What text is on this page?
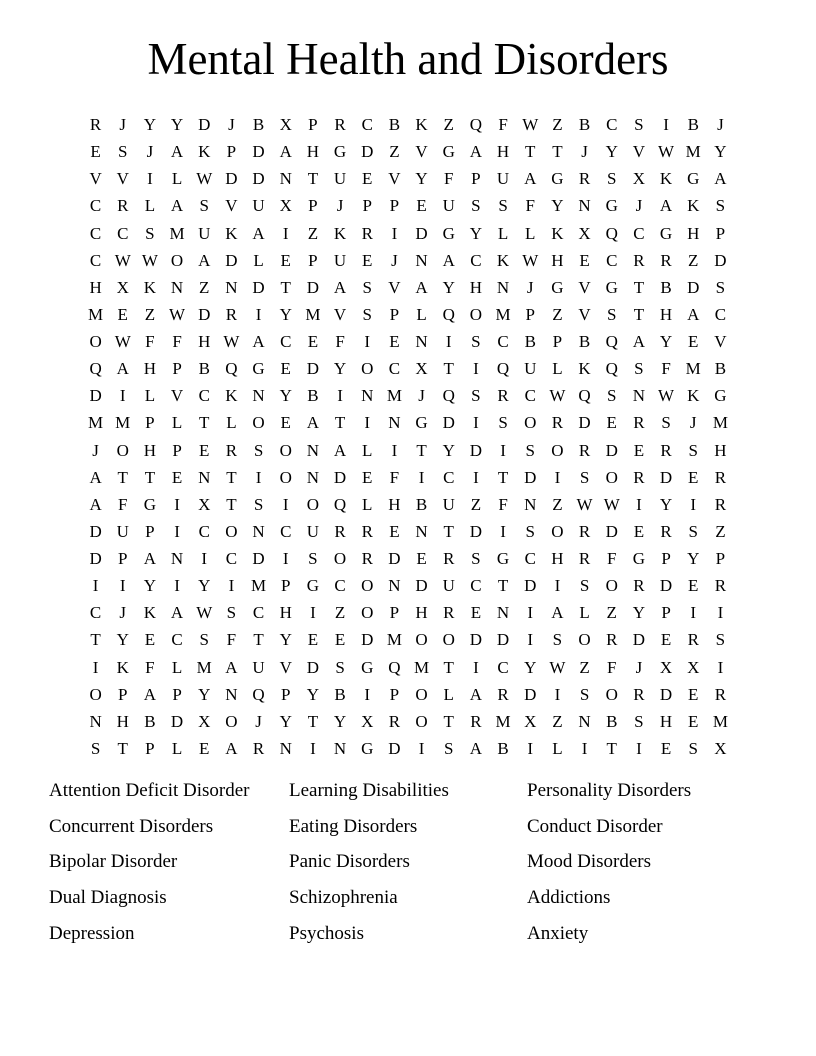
Mental Health and Disorders
R	J	Y Y D	J	B X P R C B K Z Q F W Z B C S	I	B	J
E	S	J	A K P D A H G D Z V G A H T T	J	Y V W M Y
V V	I	L W D D N T U E V Y F	P U A G R S X K G A
C R L A S V U X P	J	P	P	E U S	S	F Y N G	J	A K S
C C S M U K A	I	Z K R	I	D G Y L L K X Q C G H P
C W W O A D L E	P U E	J	N A C K W H E C R R Z D
H X K N Z N D T D A S V A Y H N	J	G V G T B D S
M E Z W D R	I	Y M V S	P	L Q O M P	Z V S	T H A C
O W F	F H W A C E	F	I	E N	I	S C B P B Q A Y E V
Q A H P B Q G E D Y O C X T	I	Q U L K Q S	F M B
D	I	L V C K N Y B	I	N M J	Q S R C W Q S N W K G
M M P	L T L O E A T	I	N G D	I	S O R D E R S	J M
J	O H P	E R S O N A L	I	T Y D	I	S O R D E R S H
A T T E N T	I	O N D E	F	I	C	I	T D	I	S O R D E R
A F G	I	X T	S	I	O Q L H B U Z	F N Z W W I	Y	I	R
D U P	I	C O N C U R R E N T D	I	S O R D E R S	Z
D P A N	I	C D	I	S O R D E R S G C H R F G P Y P
I	I	Y	I	Y	I M P G C O N D U C T D	I	S O R D E R
C	J	K A W S C H	I	Z O P H R E N	I	A L Z Y P	I	I
T Y E C S	F	T Y E E D M O O D D	I	S O R D E R S
I	K F	L M A U V D S G Q M T	I	C Y W Z	F	J	X X	I
O P A P Y N Q P Y B	I	P O L A R D	I	S O R D E R
N H B D X O	J	Y T Y X R O T R M X Z N B S H E M
S	T	P	L E A R N	I	N G D	I	S A B	I	L	I	T	I	E	S X
Attention Deficit Disorder
Concurrent Disorders
Bipolar Disorder
Dual Diagnosis
Depression
Learning Disabilities
Eating Disorders
Panic Disorders
Schizophrenia
Psychosis
Personality Disorders
Conduct Disorder
Mood Disorders
Addictions
Anxiety
